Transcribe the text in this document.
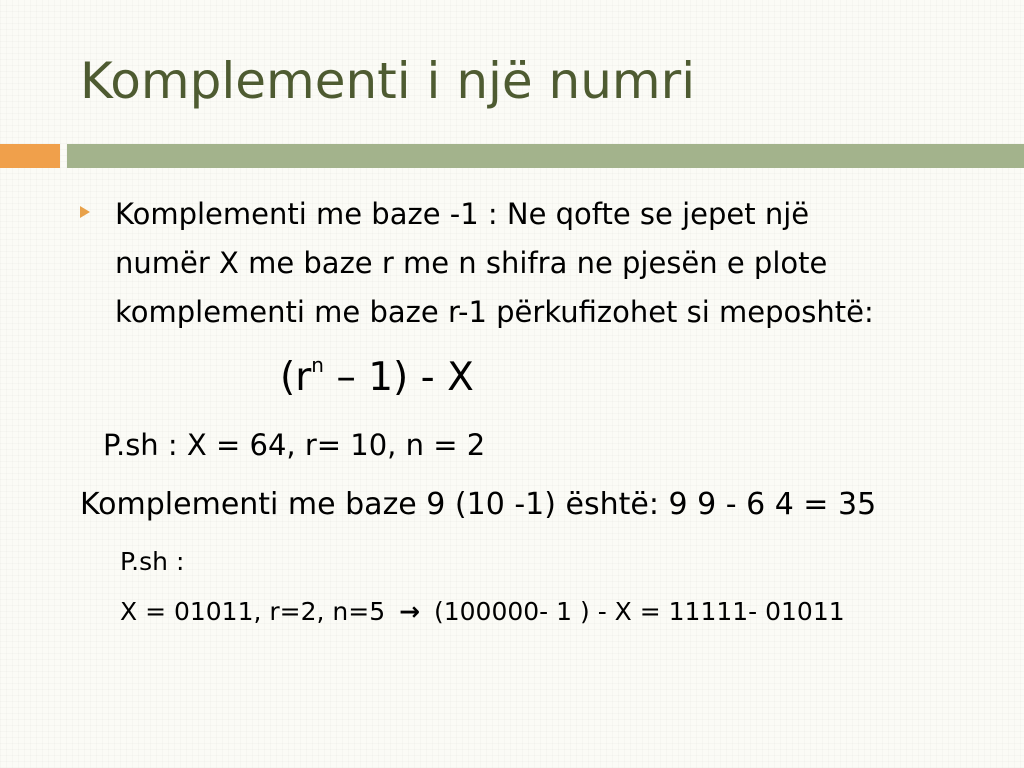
Komplementi i një numri
Komplementi me baze -1 : Ne qofte se jepet një
numër X me baze r me n shifra ne pjesën e plote
komplementi me baze r-1 përkufizohet si meposhtë:
$(r^n - 1)$ - X
P.sh : X = 64, r= 10, n = 2
Komplementi me baze 9 (10 -1) është: 9 9 - 6 4 = 35
P.sh :
X = 01011, r=2, n=5 → (100000- 1 ) - X = 11111- 01011
